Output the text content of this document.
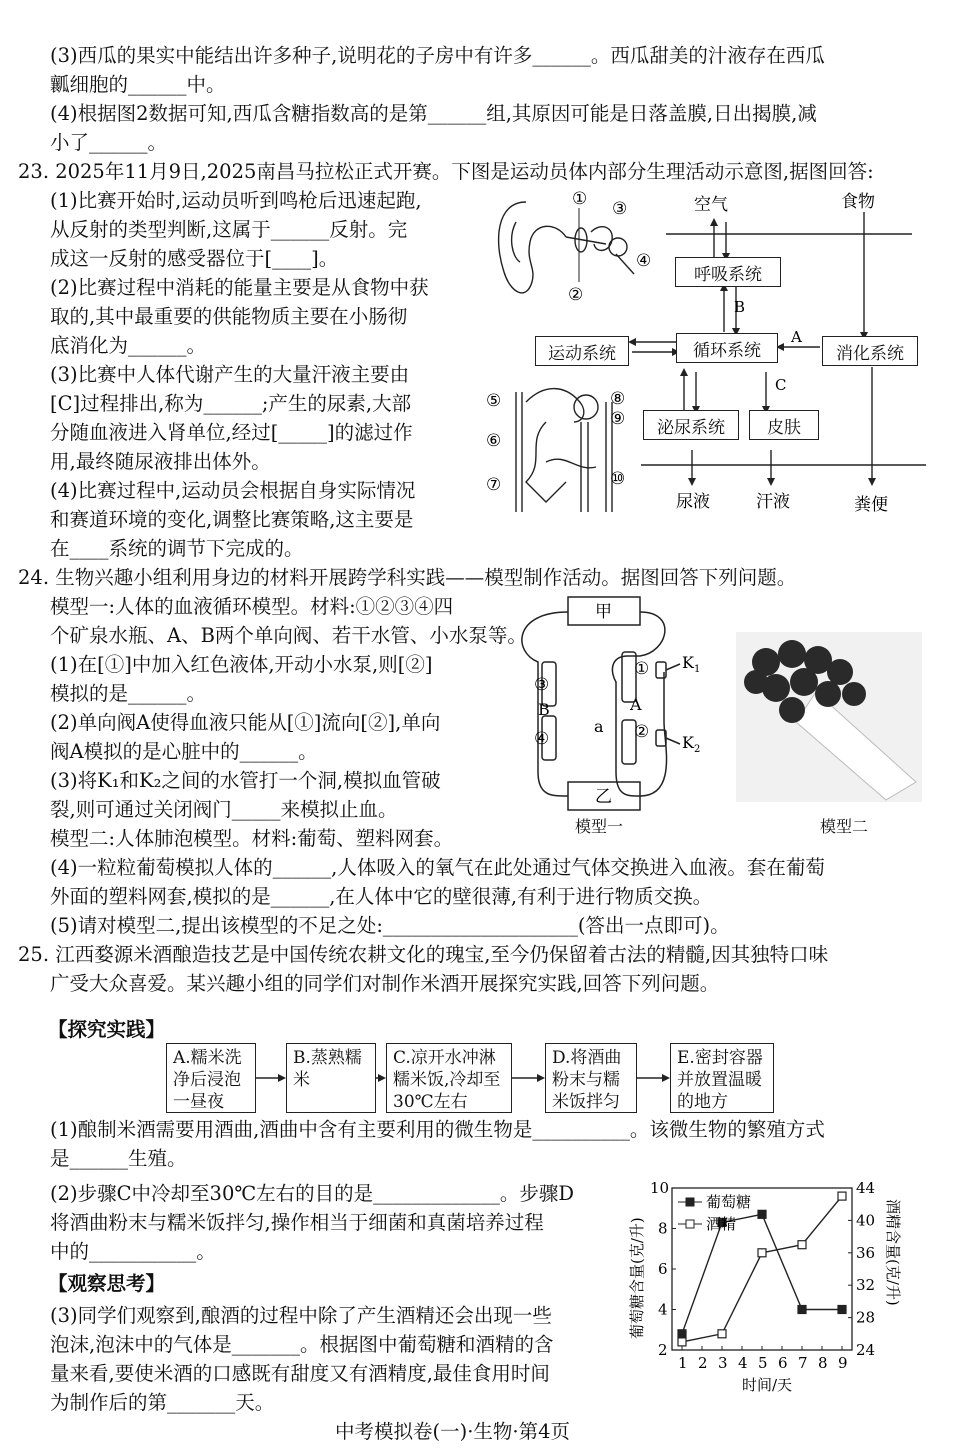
(3)西瓜的果实中能结出许多种子,说明花的子房中有许多______。西瓜甜美的汁液存在西瓜
瓤细胞的______中。
(4)根据图2数据可知,西瓜含糖指数高的是第______组,其原因可能是日落盖膜,日出揭膜,减
小了______。
23. 2025年11月9日,2025南昌马拉松正式开赛。下图是运动员体内部分生理活动示意图,据图回答:
(1)比赛开始时,运动员听到鸣枪后迅速起跑,
从反射的类型判断,这属于______反射。完
成这一反射的感受器位于[____]。
(2)比赛过程中消耗的能量主要是从食物中获
取的,其中最重要的供能物质主要在小肠彻
底消化为______。
(3)比赛中人体代谢产生的大量汗液主要由
[C]过程排出,称为______;产生的尿素,大部
分随血液进入肾单位,经过[_____]的滤过作
用,最终随尿液排出体外。
(4)比赛过程中,运动员会根据自身实际情况
和赛道环境的变化,调整比赛策略,这主要是
在____系统的调节下完成的。
24. 生物兴趣小组利用身边的材料开展跨学科实践——模型制作活动。据图回答下列问题。
模型一:人体的血液循环模型。材料:①②③④四
个矿泉水瓶、A、B两个单向阀、若干水管、小水泵等。
(1)在[①]中加入红色液体,开动小水泵,则[②]
模拟的是______。
(2)单向阀A使得血液只能从[①]流向[②],单向
阀A模拟的是心脏中的______。
(3)将K₁和K₂之间的水管打一个洞,模拟血管破
裂,则可通过关闭阀门_____来模拟止血。
模型二:人体肺泡模型。材料:葡萄、塑料网套。
(4)一粒粒葡萄模拟人体的______,人体吸入的氧气在此处通过气体交换进入血液。套在葡萄
外面的塑料网套,模拟的是______,在人体中它的壁很薄,有利于进行物质交换。
(5)请对模型二,提出该模型的不足之处:____________________(答出一点即可)。
25. 江西婺源米酒酿造技艺是中国传统农耕文化的瑰宝,至今仍保留着古法的精髓,因其独特口味
广受大众喜爱。某兴趣小组的同学们对制作米酒开展探究实践,回答下列问题。
(1)酿制米酒需要用酒曲,酒曲中含有主要利用的微生物是__________。该微生物的繁殖方式
是______生殖。
(2)步骤C中冷却至30℃左右的目的是_____________。步骤D
将酒曲粉末与糯米饭拌匀,操作相当于细菌和真菌培养过程
中的___________。
(3)同学们观察到,酿酒的过程中除了产生酒精还会出现一些
泡沫,泡沫中的气体是_______。根据图中葡萄糖和酒精的含
量来看,要使米酒的口感既有甜度又有酒精度,最佳食用时间
为制作后的第_______天。
【探究实践】
【观察思考】
① ③
④
②
⑤
⑥
⑦
⑧
⑨
⑩
空气	食物
B
A
C
尿液	汗液	粪便
呼吸系统
循环系统
运动系统	消化系统
泌尿系统	皮肤
甲
乙
③
④
①
②
B	A
a
$K_1$
$K_2$
模型一	模型二
A.糯米洗净后浸泡一昼夜
B.蒸熟糯米
C.凉开水冲淋糯米饭,冷却至30℃左右
D.将酒曲粉末与糯米饭拌匀
E.密封容器并放置温暖的地方
1 2 3 4 5 6 7 8 9
2
4
6
8
10
24
28
32
36
40
44
时间/天
葡萄糖含量(克/升)	酒精含量(克/升)
葡萄糖
酒精
中考模拟卷(一)·生物·第4页
